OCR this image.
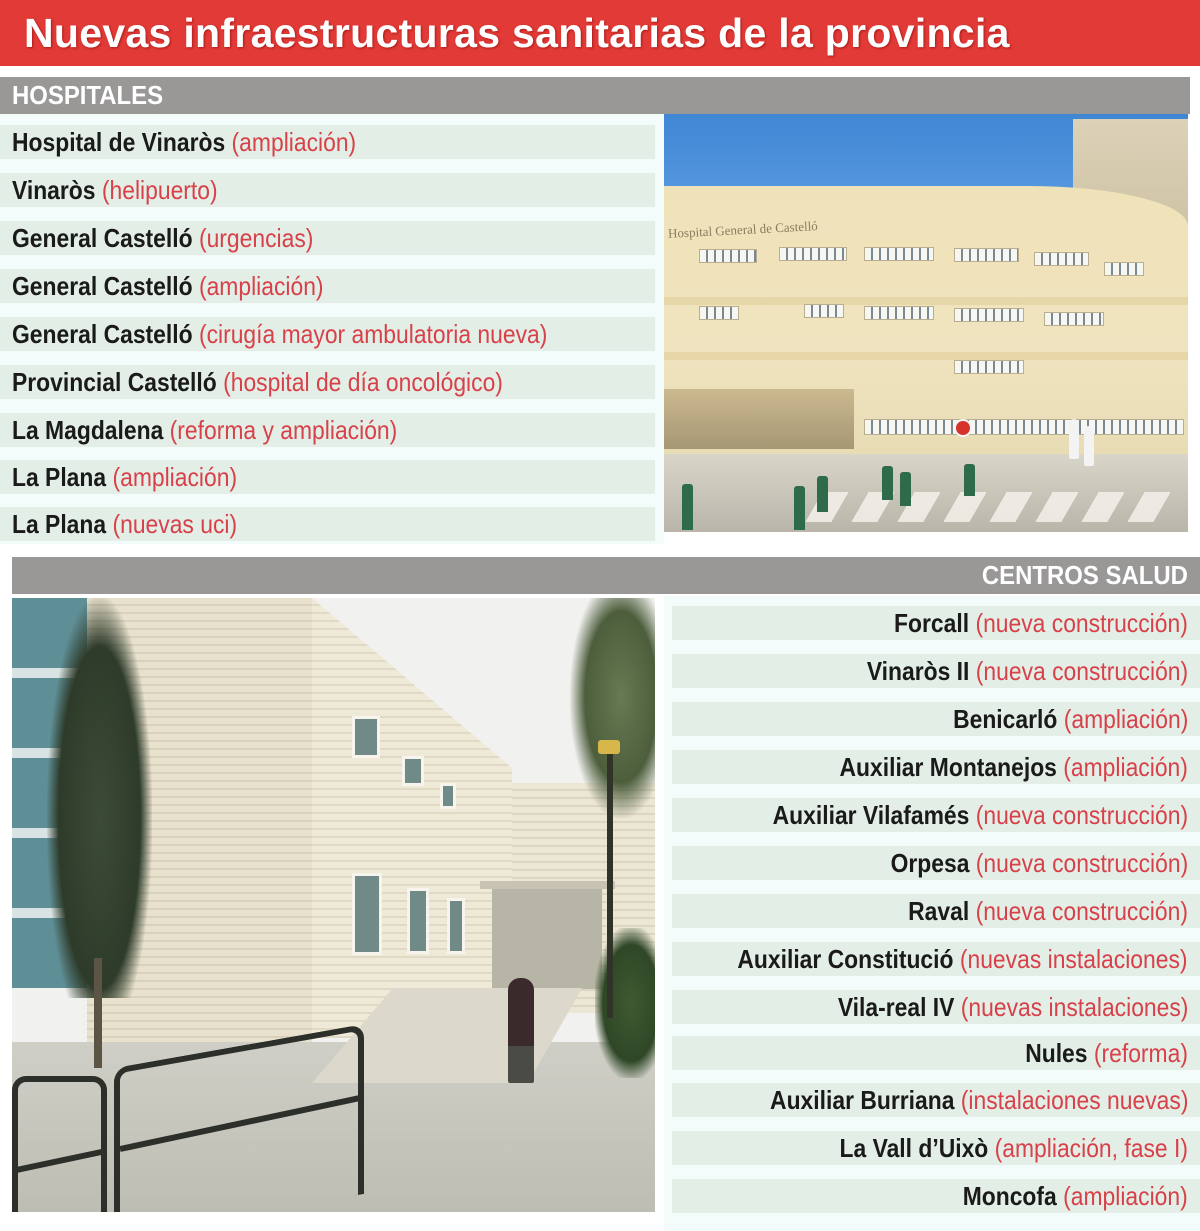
Nuevas infraestructuras sanitarias de la provincia
HOSPITALES
Hospital de Vinaròs (ampliación)
Vinaròs (helipuerto)
General Castelló (urgencias)
General Castelló (ampliación)
General Castelló (cirugía mayor ambulatoria nueva)
Provincial Castelló (hospital de día oncológico)
La Magdalena (reforma y ampliación)
La Plana (ampliación)
La Plana (nuevas uci)
Hospital General de Castelló
CENTROS SALUD
Forcall (nueva construcción)
Vinaròs II (nueva construcción)
Benicarló (ampliación)
Auxiliar Montanejos (ampliación)
Auxiliar Vilafamés (nueva construcción)
Orpesa (nueva construcción)
Raval (nueva construcción)
Auxiliar Constitució (nuevas instalaciones)
Vila-real IV (nuevas instalaciones)
Nules (reforma)
Auxiliar Burriana (instalaciones nuevas)
La Vall d’Uixò (ampliación, fase I)
Moncofa (ampliación)
